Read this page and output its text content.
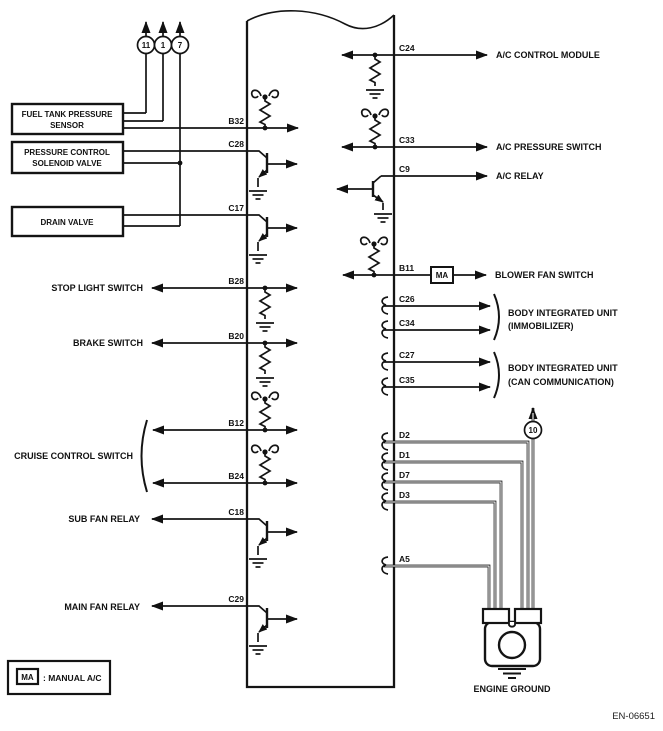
11 1 7
10
FUEL TANK PRESSURE
SENSOR
PRESSURE CONTROL
SOLENOID VALVE
DRAIN VALVE
B32
C28
C17
B28
B20
B12
B24
C18
C29
C24
C33
C9
B11
C26
C34
C27
C35
D2
D1
D7
D3
A5
STOP LIGHT SWITCH
BRAKE SWITCH
CRUISE CONTROL SWITCH
SUB FAN RELAY
MAIN FAN RELAY
A/C CONTROL MODULE
A/C PRESSURE SWITCH
A/C RELAY
BLOWER FAN SWITCH
BODY INTEGRATED UNIT
(IMMOBILIZER)
BODY INTEGRATED UNIT
(CAN COMMUNICATION)
ENGINE GROUND
MA
MA : MANUAL A/C
EN-06651
